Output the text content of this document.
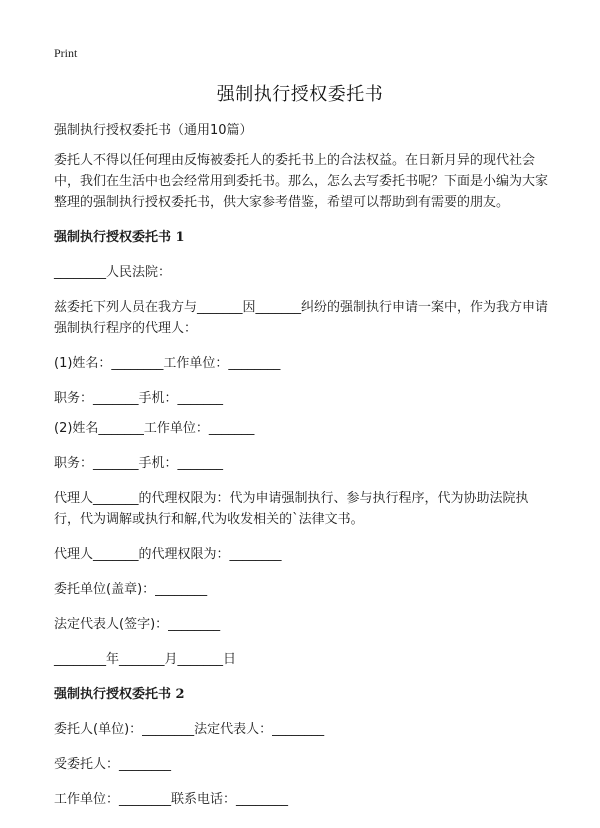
Print
强制执行授权委托书

强制执行授权委托书（通用10篇）

委托人不得以任何理由反悔被委托人的委托书上的合法权益。在日新月异的现代社会中，我们在生活中也会经常用到委托书。那么，怎么去写委托书呢？下面是小编为大家整理的强制执行授权委托书，供大家参考借鉴，希望可以帮助到有需要的朋友。

强制执行授权委托书 1

________人民法院：

兹委托下列人员在我方与_______因_______纠纷的强制执行申请一案中，作为我方申请强制执行程序的代理人：

(1)姓名：________工作单位：________

职务：_______手机：_______

(2)姓名_______工作单位：_______

职务：_______手机：_______

代理人_______的代理权限为：代为申请强制执行、参与执行程序，代为协助法院执行，代为调解或执行和解,代为收发相关的`法律文书。

代理人_______的代理权限为：________

委托单位(盖章)：________

法定代表人(签字)：________

________年_______月_______日

强制执行授权委托书 2

委托人(单位)：________法定代表人：________

受委托人：________

工作单位：________联系电话：________
